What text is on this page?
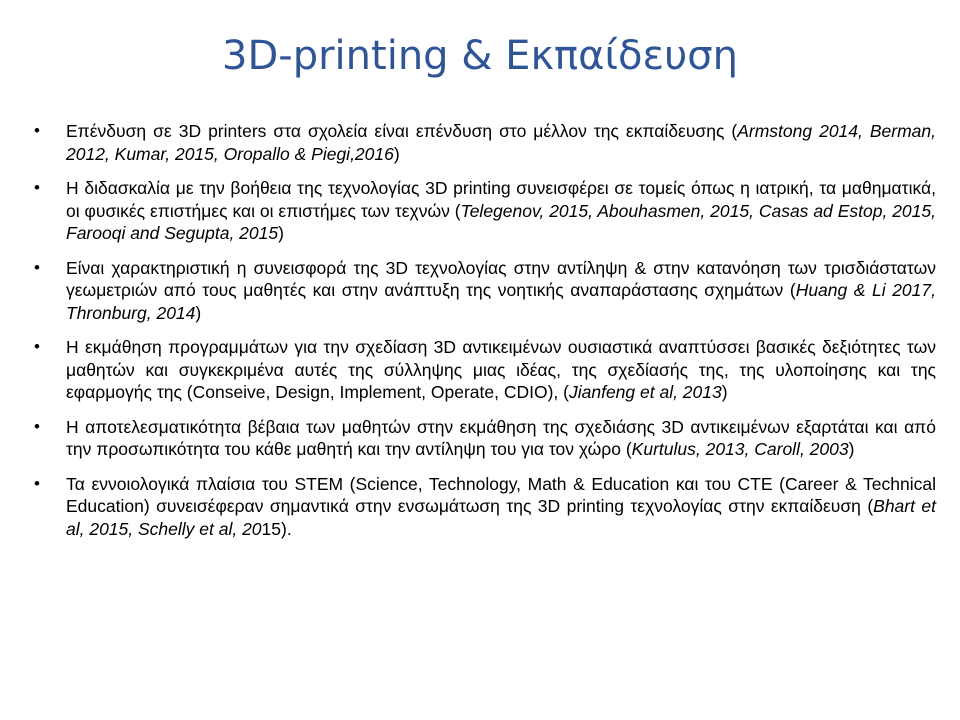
3D-printing & Εκπαίδευση
•	Επένδυση σε 3D printers στα σχολεία είναι επένδυση στο μέλλον της εκπαίδευσης (Armstong 2014, Berman, 2012, Kumar, 2015, Oropallo & Piegi,2016)
•	Η διδασκαλία με την βοήθεια της τεχνολογίας 3D printing συνεισφέρει σε τομείς όπως η ιατρική, τα μαθηματικά, οι φυσικές επιστήμες και οι επιστήμες των τεχνών (Telegenov, 2015, Abouhasmen, 2015, Casas ad Estop, 2015, Farooqi and Segupta, 2015)
•	Είναι χαρακτηριστική η συνεισφορά της 3D τεχνολογίας στην αντίληψη & στην κατανόηση των τρισδιάστατων γεωμετριών από τους μαθητές και στην ανάπτυξη της νοητικής αναπαράστασης σχημάτων (Huang & Li 2017, Thronburg, 2014)
•	Η εκμάθηση προγραμμάτων για την σχεδίαση 3D αντικειμένων ουσιαστικά αναπτύσσει βασικές δεξιότητες των μαθητών και συγκεκριμένα αυτές της σύλληψης μιας ιδέας, της σχεδίασής της, της υλοποίησης και της εφαρμογής της (Conseive, Design, Implement, Operate, CDIO), (Jianfeng et al, 2013)
•	Η αποτελεσματικότητα βέβαια των μαθητών στην εκμάθηση της σχεδιάσης 3D αντικειμένων εξαρτάται και από την προσωπικότητα του κάθε μαθητή και την αντίληψη του για τον χώρο (Kurtulus, 2013, Caroll, 2003)
•	Τα εννοιολογικά πλαίσια του STEM (Science, Technology, Math & Education και του CTE (Career & Technical Education) συνεισέφεραν σημαντικά στην ενσωμάτωση της 3D printing τεχνολογίας στην εκπαίδευση (Bhart et al, 2015, Schelly et al, 2015).
